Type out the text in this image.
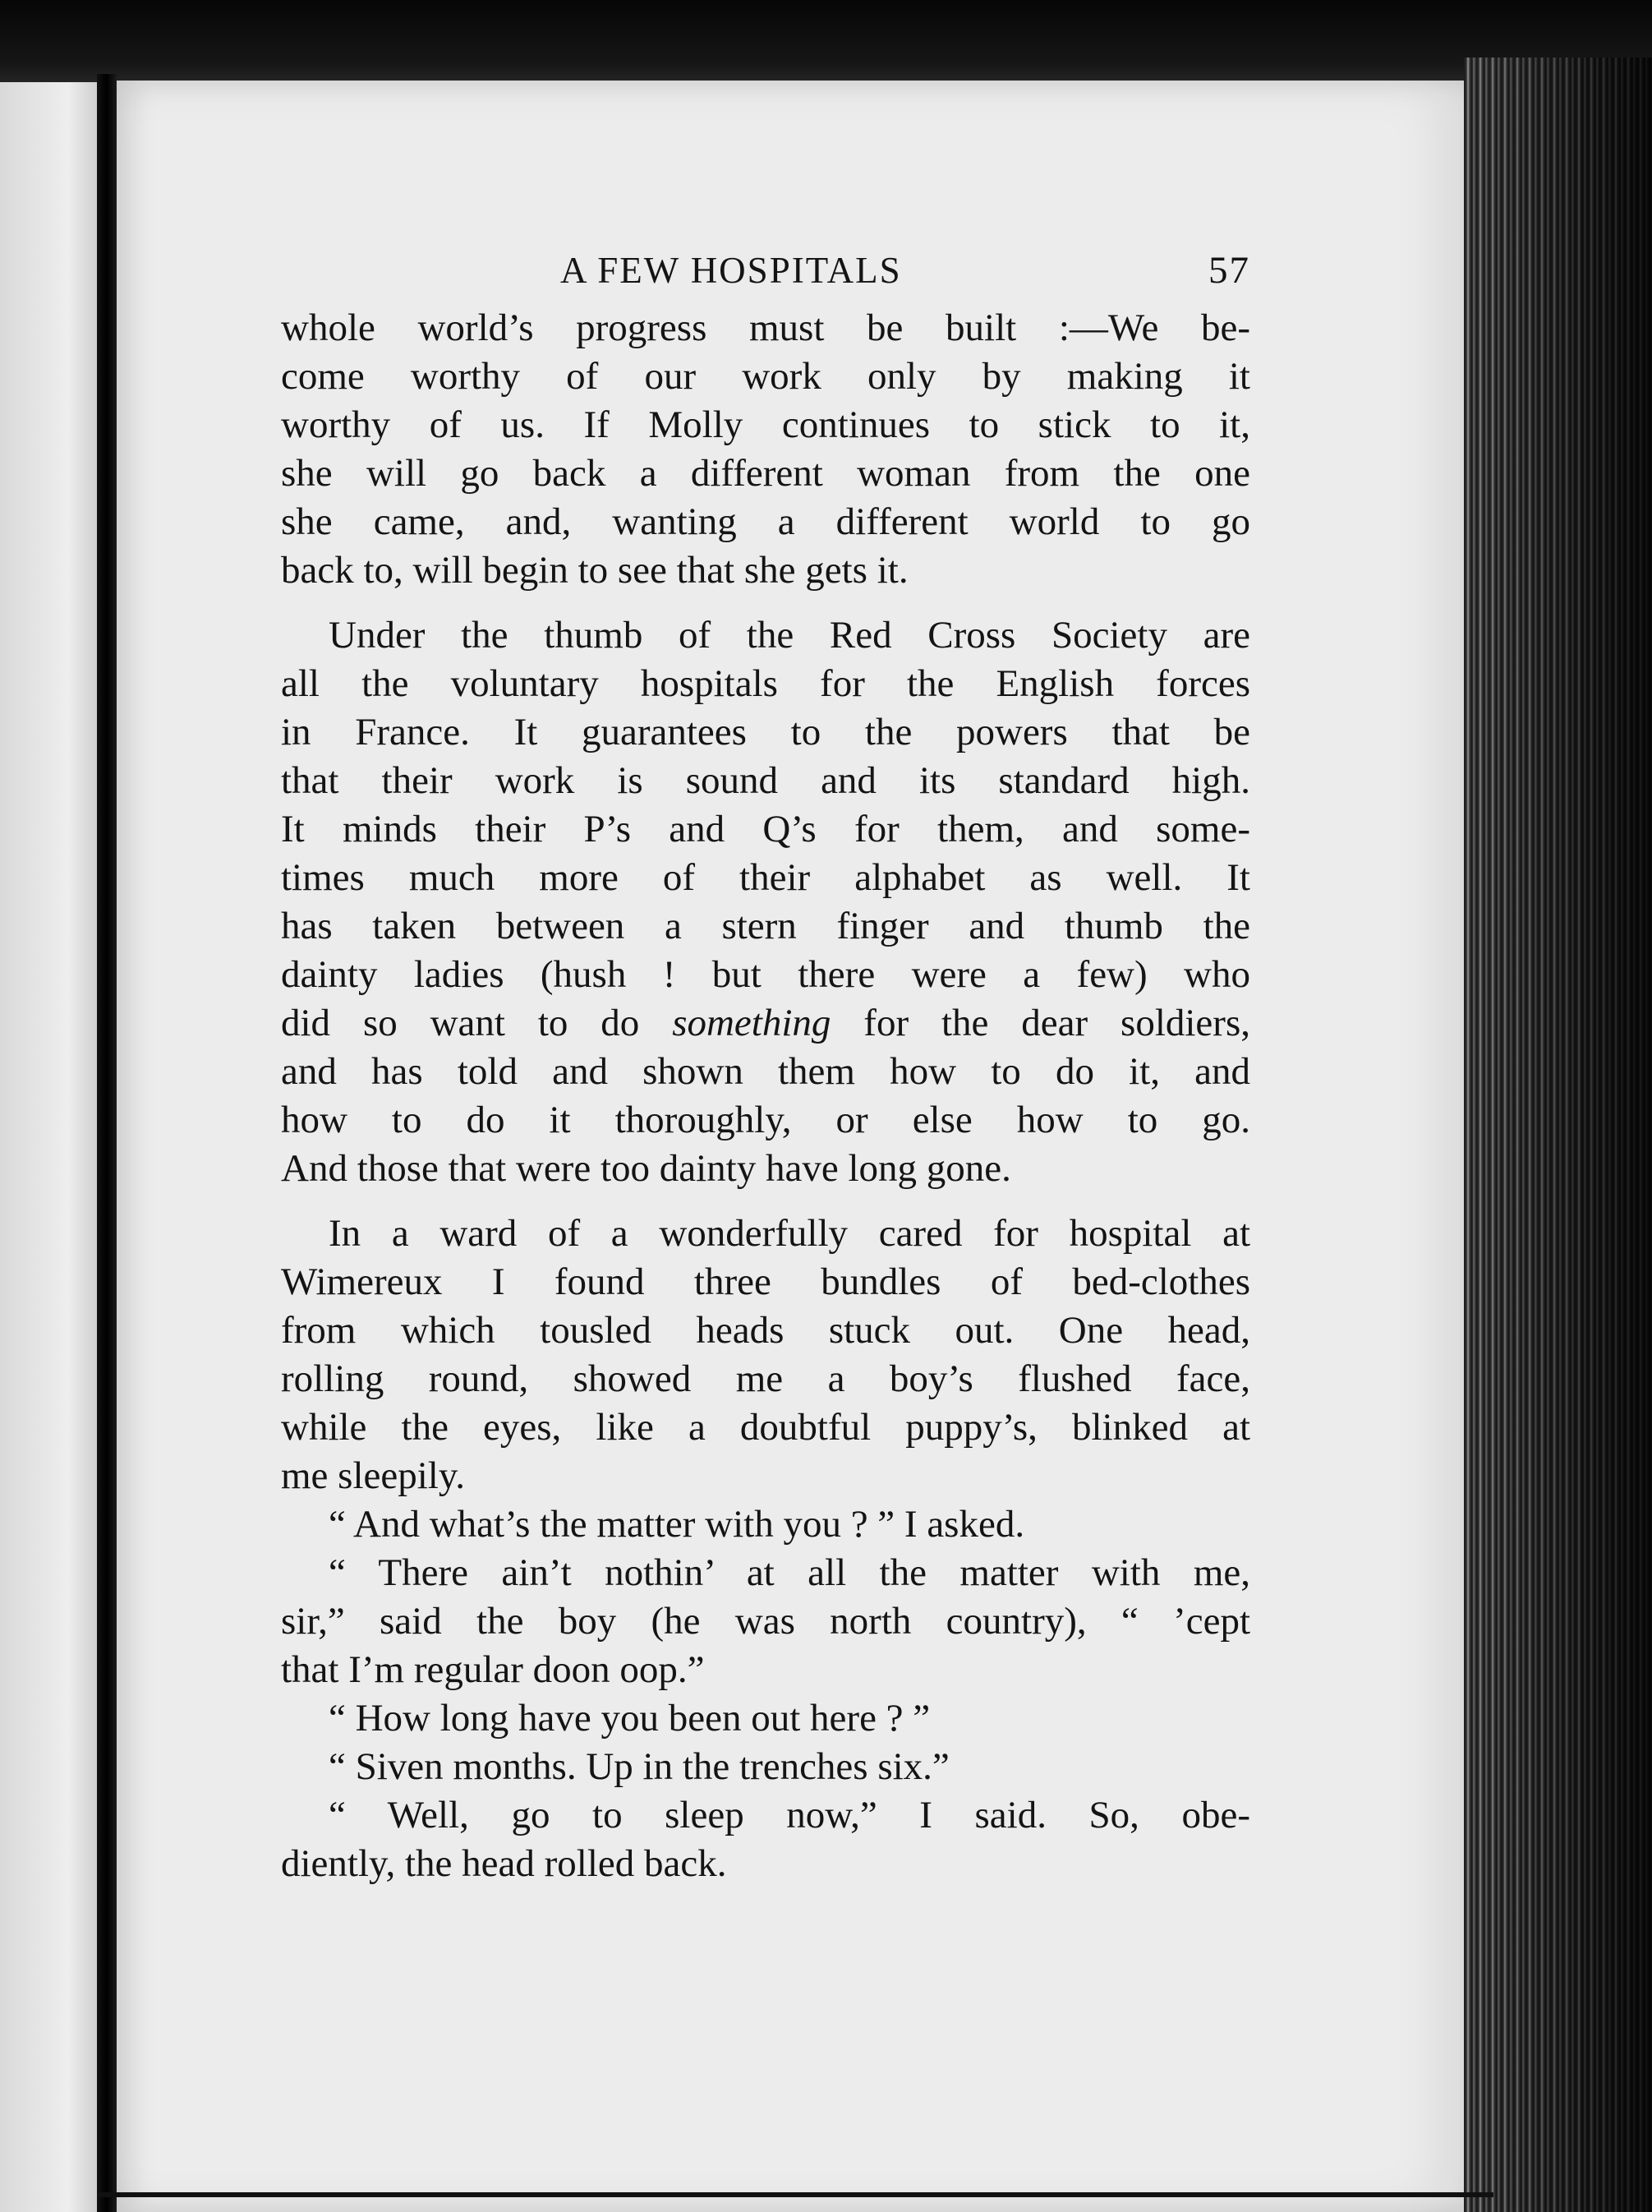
A FEW HOSPITALS	57
whole world’s progress must be built :—We be-
come worthy of our work only by making it
worthy of us. If Molly continues to stick to it,
she will go back a different woman from the one
she came, and, wanting a different world to go
back to, will begin to see that she gets it.
Under the thumb of the Red Cross Society are
all the voluntary hospitals for the English forces
in France. It guarantees to the powers that be
that their work is sound and its standard high.
It minds their P’s and Q’s for them, and some-
times much more of their alphabet as well. It
has taken between a stern finger and thumb the
dainty ladies (hush ! but there were a few) who
did so want to do something for the dear soldiers,
and has told and shown them how to do it, and
how to do it thoroughly, or else how to go.
And those that were too dainty have long gone.
In a ward of a wonderfully cared for hospital at
Wimereux I found three bundles of bed-clothes
from which tousled heads stuck out. One head,
rolling round, showed me a boy’s flushed face,
while the eyes, like a doubtful puppy’s, blinked at
me sleepily.
“ And what’s the matter with you ? ” I asked.
“ There ain’t nothin’ at all the matter with me,
sir,” said the boy (he was north country), “ ’cept
that I’m regular doon oop.”
“ How long have you been out here ? ”
“ Siven months. Up in the trenches six.”
“ Well, go to sleep now,” I said. So, obe-
diently, the head rolled back.
